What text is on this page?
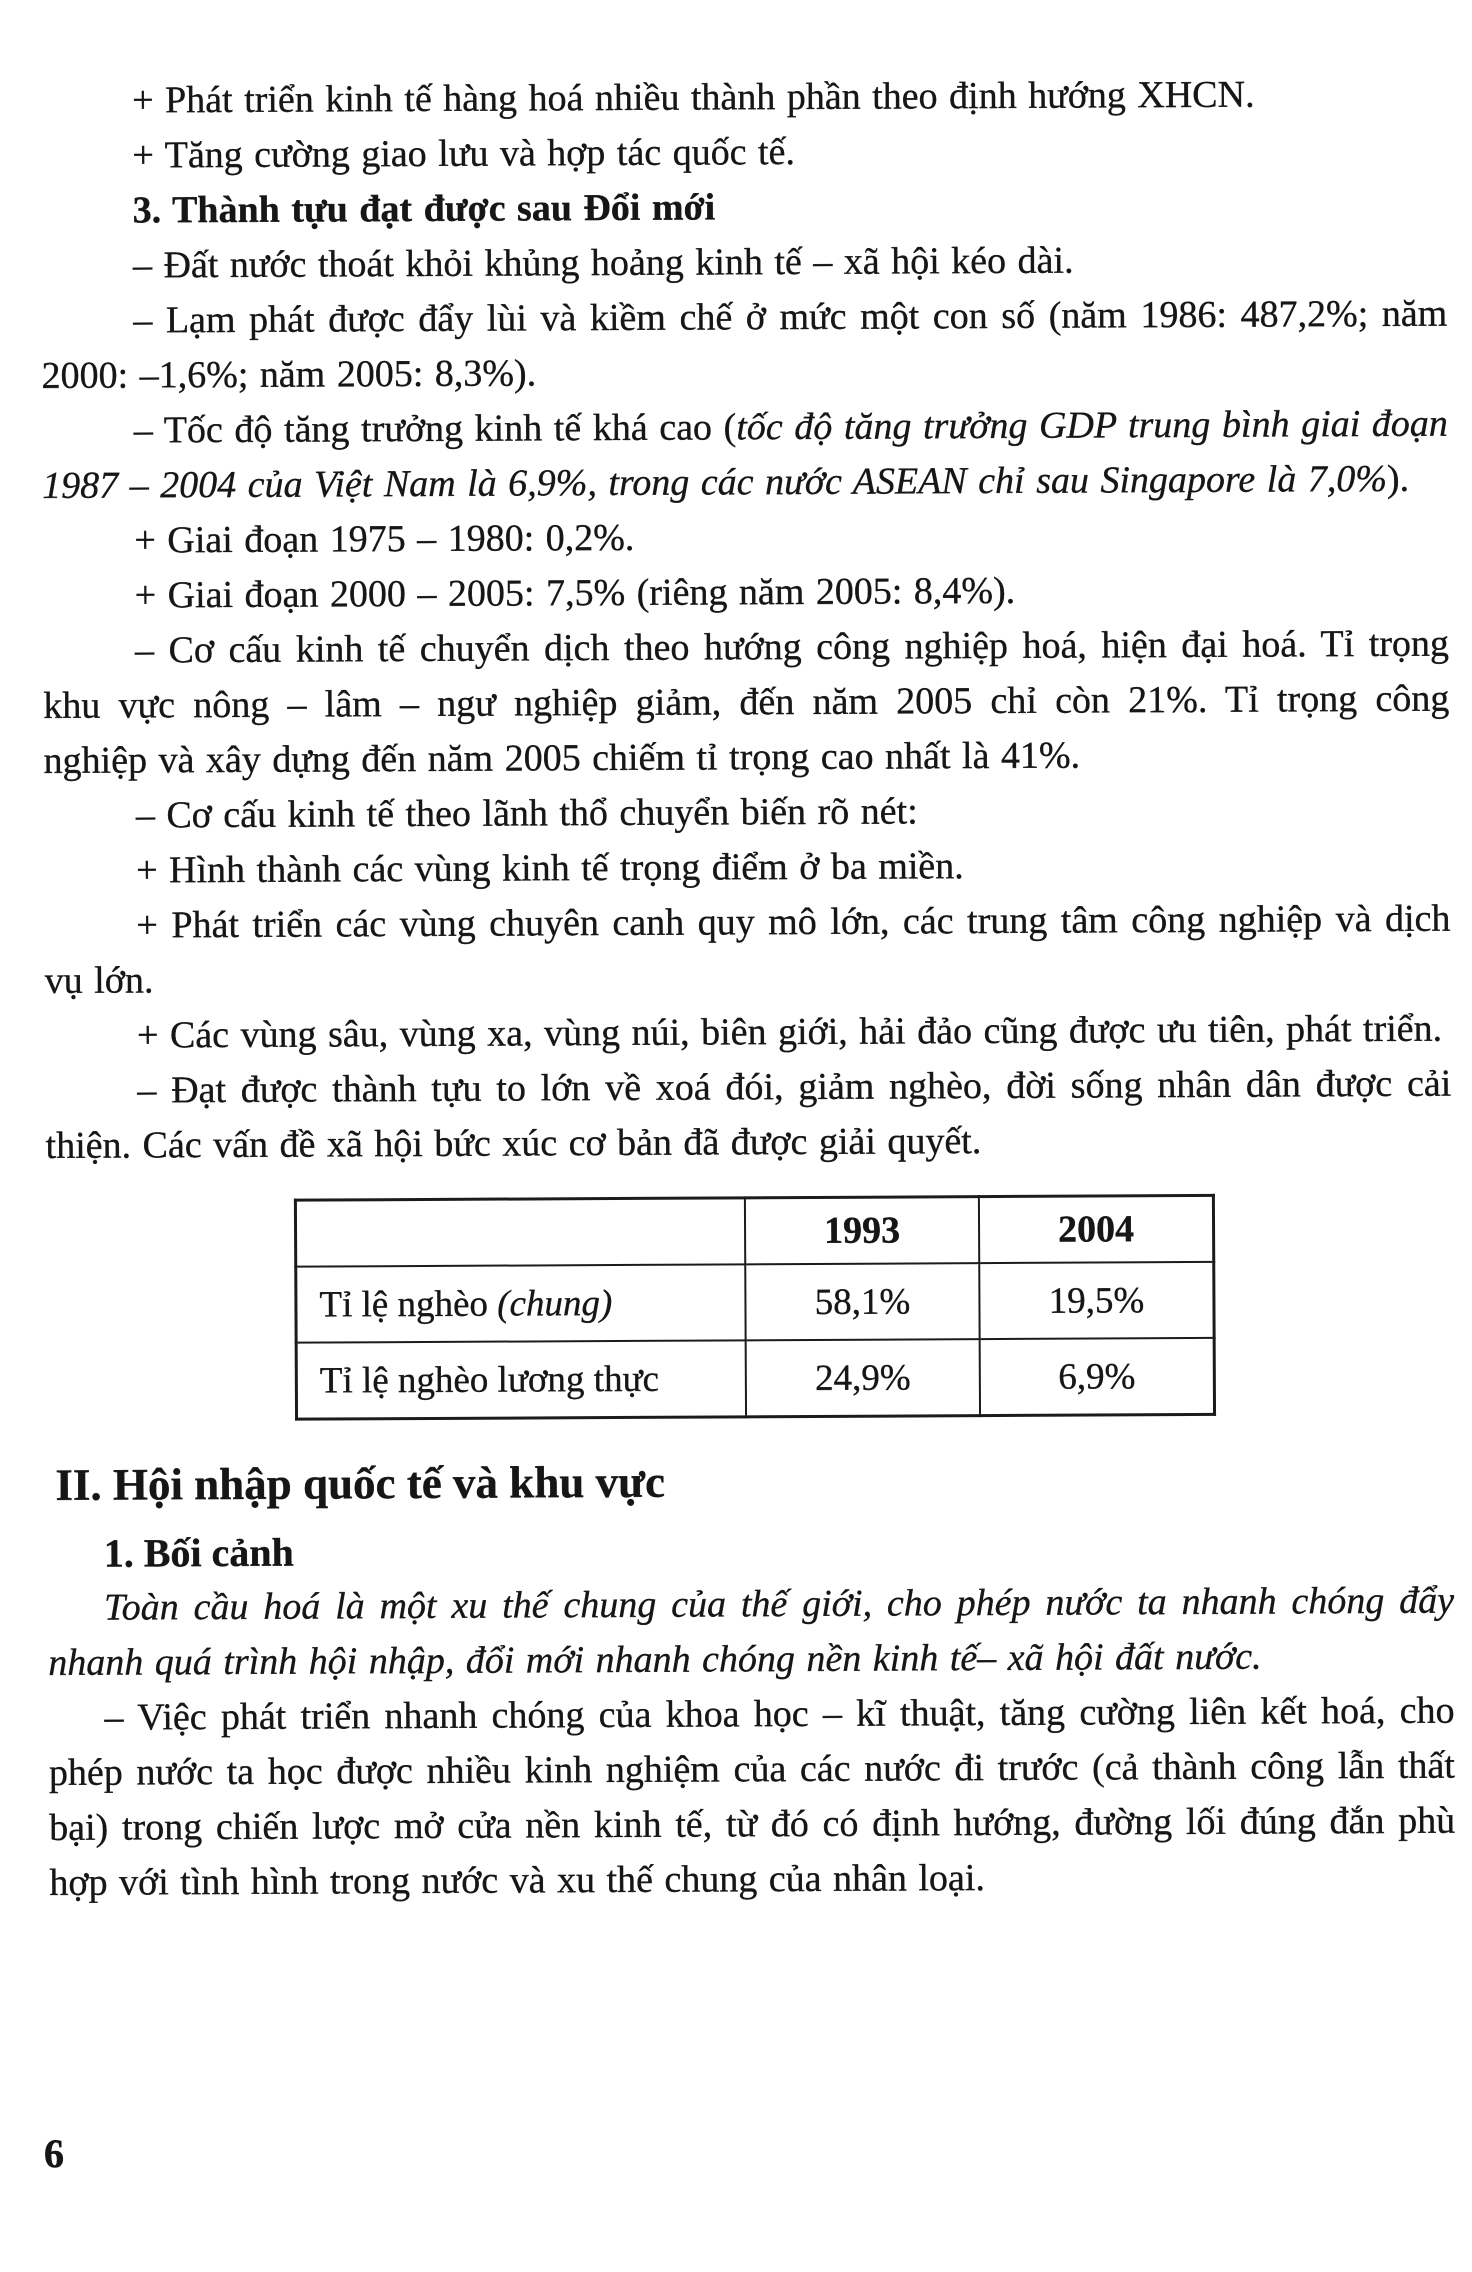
+ Phát triển kinh tế hàng hoá nhiều thành phần theo định hướng XHCN.

+ Tăng cường giao lưu và hợp tác quốc tế.

3. Thành tựu đạt được sau Đổi mới

– Đất nước thoát khỏi khủng hoảng kinh tế – xã hội kéo dài.

– Lạm phát được đẩy lùi và kiềm chế ở mức một con số (năm 1986: 487,2%; năm 2000: –1,6%; năm 2005: 8,3%).

– Tốc độ tăng trưởng kinh tế khá cao (tốc độ tăng trưởng GDP trung bình giai đoạn 1987 – 2004 của Việt Nam là 6,9%, trong các nước ASEAN chỉ sau Singapore là 7,0%).

+ Giai đoạn 1975 – 1980: 0,2%.

+ Giai đoạn 2000 – 2005: 7,5% (riêng năm 2005: 8,4%).

– Cơ cấu kinh tế chuyển dịch theo hướng công nghiệp hoá, hiện đại hoá. Tỉ trọng khu vực nông – lâm – ngư nghiệp giảm, đến năm 2005 chỉ còn 21%. Tỉ trọng công nghiệp và xây dựng đến năm 2005 chiếm tỉ trọng cao nhất là 41%.

– Cơ cấu kinh tế theo lãnh thổ chuyển biến rõ nét:

+ Hình thành các vùng kinh tế trọng điểm ở ba miền.

+ Phát triển các vùng chuyên canh quy mô lớn, các trung tâm công nghiệp và dịch vụ lớn.

+ Các vùng sâu, vùng xa, vùng núi, biên giới, hải đảo cũng được ưu tiên, phát triển.

– Đạt được thành tựu to lớn về xoá đói, giảm nghèo, đời sống nhân dân được cải thiện. Các vấn đề xã hội bức xúc cơ bản đã được giải quyết.

	1993	2004
Tỉ lệ nghèo (chung)	58,1%	19,5%
Tỉ lệ nghèo lương thực	24,9%	6,9%

II. Hội nhập quốc tế và khu vực

1. Bối cảnh

Toàn cầu hoá là một xu thế chung của thế giới, cho phép nước ta nhanh chóng đẩy nhanh quá trình hội nhập, đổi mới nhanh chóng nền kinh tế– xã hội đất nước.

– Việc phát triển nhanh chóng của khoa học – kĩ thuật, tăng cường liên kết hoá, cho phép nước ta học được nhiều kinh nghiệm của các nước đi trước (cả thành công lẫn thất bại) trong chiến lược mở cửa nền kinh tế, từ đó có định hướng, đường lối đúng đắn phù hợp với tình hình trong nước và xu thế chung của nhân loại.

6
